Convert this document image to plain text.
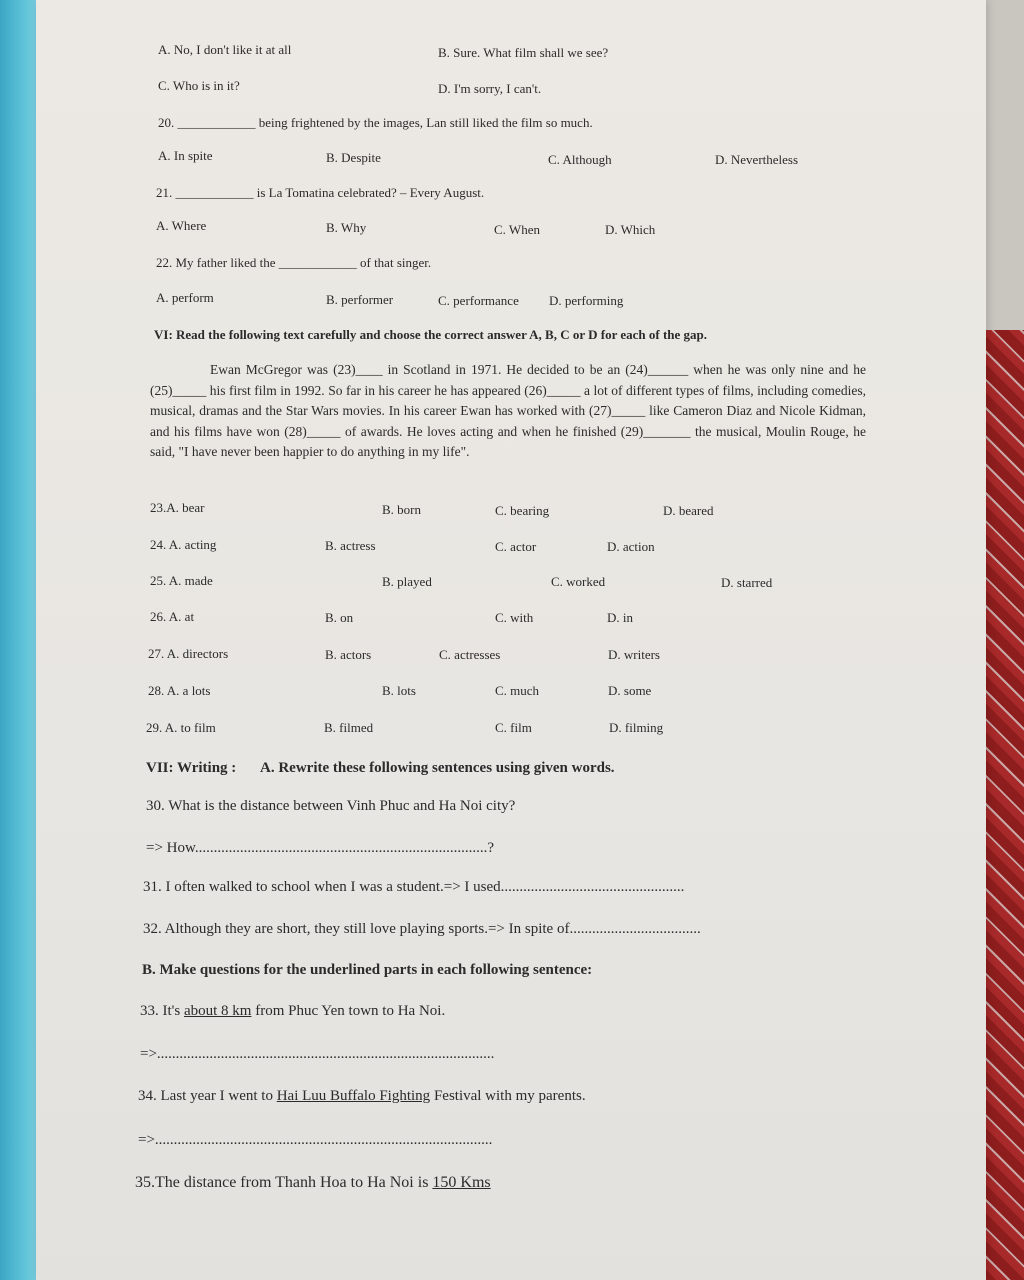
A. No, I don't like it at all	B. Sure. What film shall we see?
C. Who is in it?	D. I'm sorry, I can't.
20. ____________ being frightened by the images, Lan still liked the film so much.
A. In spite	B. Despite	C. Although	D. Nevertheless
21. ____________ is La Tomatina celebrated? – Every August.
A. Where	B. Why	C. When	D. Which
22. My father liked the ____________ of that singer.
A. perform	B. performer	C. performance D. performing
VI: Read the following text carefully and choose the correct answer A, B, C or D for each of the gap.
Ewan McGregor was (23)____ in Scotland in 1971. He decided to be an (24)______ when he was only nine and he (25)_____ his first film in 1992. So far in his career he has appeared (26)_____ a lot of different types of films, including comedies, musical, dramas and the Star Wars movies. In his career Ewan has worked with (27)_____ like Cameron Diaz and Nicole Kidman, and his films have won (28)_____ of awards. He loves acting and when he finished (29)_______ the musical, Moulin Rouge, he said, "I have never been happier to do anything in my life".
23.A. bear	B. born	C. bearing	D. beared
24. A. acting	B. actress	C. actor	D. action
25. A. made	B. played	C. worked	D. starred
26. A. at	B. on	C. with	D. in
27. A. directors	B. actors	C. actresses	D. writers
28. A. a lots	B. lots	C. much	D. some
29. A. to film	B. filmed	C. film	D. filming
VII: Writing : A. Rewrite these following sentences using given words.
30. What is the distance between Vinh Phuc and Ha Noi city?
=> How..............................................................................?
31. I often walked to school when I was a student.=> I used.................................................
32. Although they are short, they still love playing sports.=> In spite of...................................
B. Make questions for the underlined parts in each following sentence:
33. It's about 8 km from Phuc Yen town to Ha Noi.
=>..........................................................................................
34. Last year I went to Hai Luu Buffalo Fighting Festival with my parents.
=>..........................................................................................
35.The distance from Thanh Hoa to Ha Noi is 150 Kms
